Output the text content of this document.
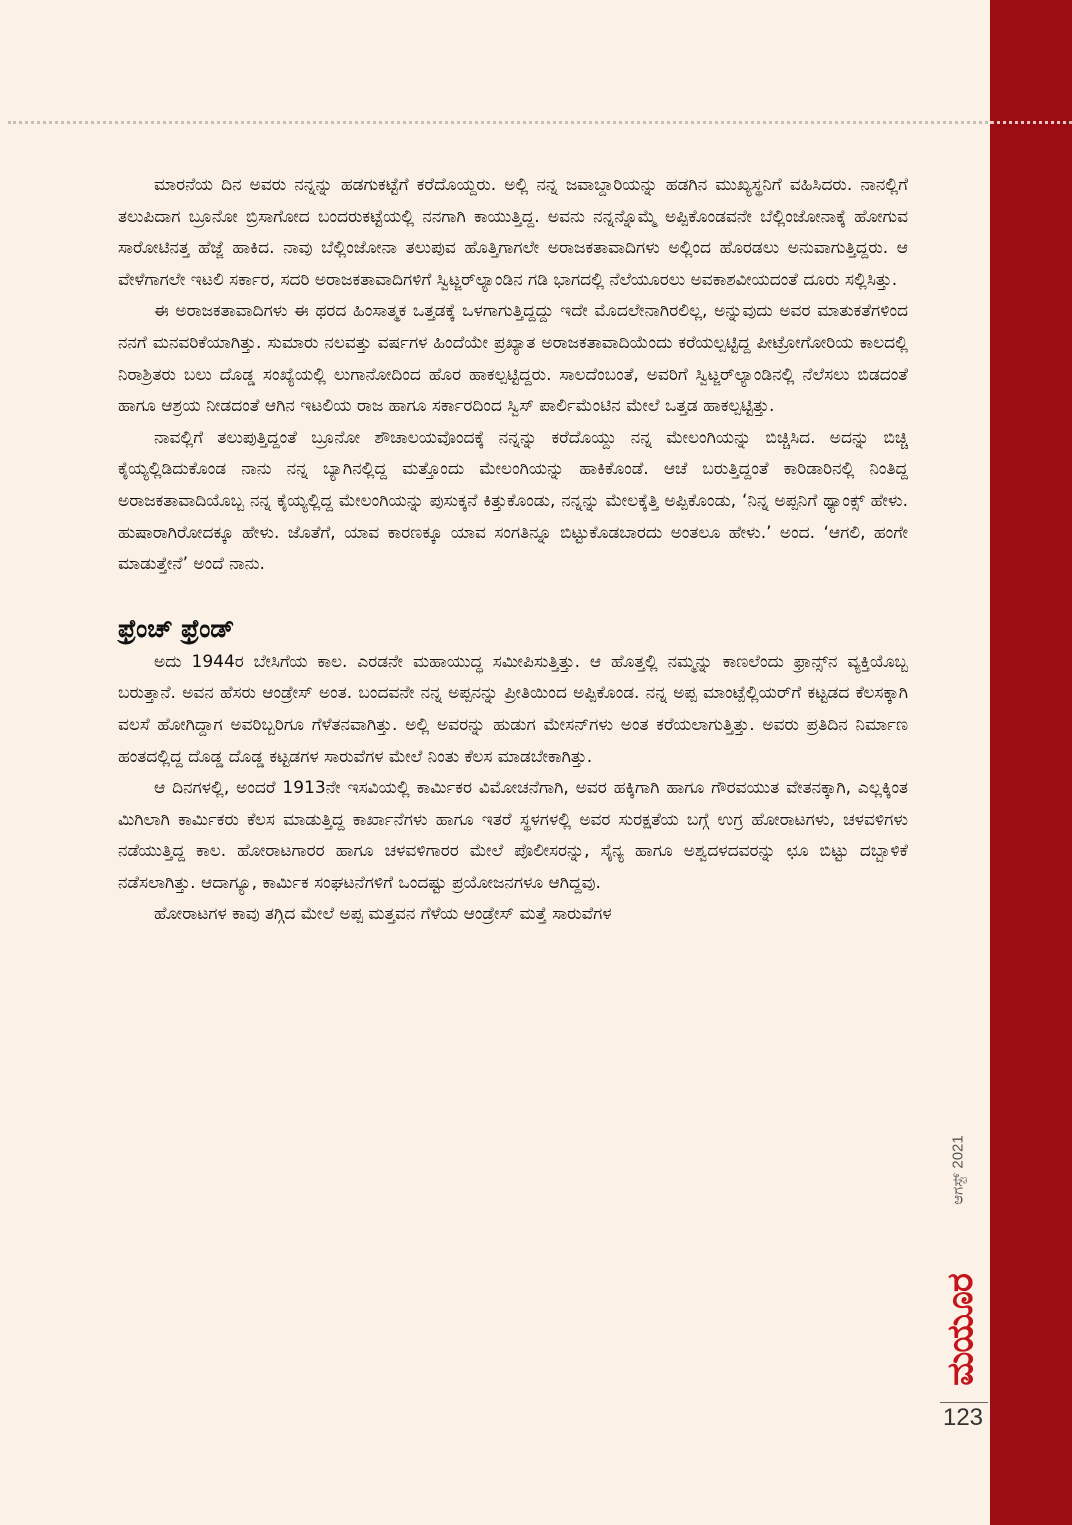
ಮಾರನೆಯ ದಿನ ಅವರು ನನ್ನನ್ನು ಹಡಗುಕಟ್ಟೆಗೆ ಕರೆದೊಯ್ದರು. ಅಲ್ಲಿ ನನ್ನ ಜವಾಬ್ದಾರಿಯನ್ನು ಹಡಗಿನ ಮುಖ್ಯಸ್ಥನಿಗೆ ವಹಿಸಿದರು. ನಾನಲ್ಲಿಗೆ ತಲುಪಿದಾಗ ಬ್ರೂನೋ ಬ್ರಿಸಾಗೋದ ಬಂದರುಕಟ್ಟೆಯಲ್ಲಿ ನನಗಾಗಿ ಕಾಯುತ್ತಿದ್ದ. ಅವನು ನನ್ನನ್ನೊಮ್ಮೆ ಅಪ್ಪಿಕೊಂಡವನೇ ಬೆಲ್ಲಿಂಜೋನಾಕ್ಕೆ ಹೋಗುವ ಸಾರೋಟಿನತ್ತ ಹೆಜ್ಜೆ ಹಾಕಿದ. ನಾವು ಬೆಲ್ಲಿಂಜೋನಾ ತಲುಪುವ ಹೊತ್ತಿಗಾಗಲೇ ಅರಾಜಕತಾವಾದಿಗಳು ಅಲ್ಲಿಂದ ಹೊರಡಲು ಅನುವಾಗುತ್ತಿದ್ದರು. ಆ ವೇಳೆಗಾಗಲೇ ಇಟಲಿ ಸರ್ಕಾರ, ಸದರಿ ಅರಾಜಕತಾವಾದಿಗಳಿಗೆ ಸ್ವಿಟ್ಜರ್‌ಲ್ಯಾಂಡಿನ ಗಡಿ ಭಾಗದಲ್ಲಿ ನೆಲೆಯೂರಲು ಅವಕಾಶವೀಯದಂತೆ ದೂರು ಸಲ್ಲಿಸಿತ್ತು.

ಈ ಅರಾಜಕತಾವಾದಿಗಳು ಈ ಥರದ ಹಿಂಸಾತ್ಮಕ ಒತ್ತಡಕ್ಕೆ ಒಳಗಾಗುತ್ತಿದ್ದದ್ದು ಇದೇ ಮೊದಲೇನಾಗಿರಲಿಲ್ಲ, ಅನ್ನುವುದು ಅವರ ಮಾತುಕತೆಗಳಿಂದ ನನಗೆ ಮನವರಿಕೆಯಾಗಿತ್ತು. ಸುಮಾರು ನಲವತ್ತು ವರ್ಷಗಳ ಹಿಂದೆಯೇ ಪ್ರಖ್ಯಾತ ಅರಾಜಕತಾವಾದಿಯೆಂದು ಕರೆಯಲ್ಪಟ್ಟಿದ್ದ ಪೀಟ್ರೋಗೋರಿಯ ಕಾಲದಲ್ಲಿ ನಿರಾಶ್ರಿತರು ಬಲು ದೊಡ್ಡ ಸಂಖ್ಯೆಯಲ್ಲಿ ಲುಗಾನೋದಿಂದ ಹೊರ ಹಾಕಲ್ಪಟ್ಟಿದ್ದರು. ಸಾಲದೆಂಬಂತೆ, ಅವರಿಗೆ ಸ್ವಿಟ್ಜರ್‌ಲ್ಯಾಂಡಿನಲ್ಲಿ ನೆಲೆಸಲು ಬಿಡದಂತೆ ಹಾಗೂ ಆಶ್ರಯ ನೀಡದಂತೆ ಆಗಿನ ಇಟಲಿಯ ರಾಜ ಹಾಗೂ ಸರ್ಕಾರದಿಂದ ಸ್ವಿಸ್ ಪಾರ್ಲಿಮೆಂಟಿನ ಮೇಲೆ ಒತ್ತಡ ಹಾಕಲ್ಪಟ್ಟಿತ್ತು.

ನಾವಲ್ಲಿಗೆ ತಲುಪುತ್ತಿದ್ದಂತೆ ಬ್ರೂನೋ ಶೌಚಾಲಯವೊಂದಕ್ಕೆ ನನ್ನನ್ನು ಕರೆದೊಯ್ದು ನನ್ನ ಮೇಲಂಗಿಯನ್ನು ಬಿಚ್ಚಿಸಿದ. ಅದನ್ನು ಬಿಚ್ಚಿ ಕೈಯ್ಯಲ್ಲಿಡಿದುಕೊಂಡ ನಾನು ನನ್ನ ಬ್ಯಾಗಿನಲ್ಲಿದ್ದ ಮತ್ತೊಂದು ಮೇಲಂಗಿಯನ್ನು ಹಾಕಿಕೊಂಡೆ. ಆಚೆ ಬರುತ್ತಿದ್ದಂತೆ ಕಾರಿಡಾರಿನಲ್ಲಿ ನಿಂತಿದ್ದ ಅರಾಜಕತಾವಾದಿಯೊಬ್ಬ ನನ್ನ ಕೈಯ್ಯಲ್ಲಿದ್ದ ಮೇಲಂಗಿಯನ್ನು ಪುಸುಕ್ಕನೆ ಕಿತ್ತುಕೊಂಡು, ನನ್ನನ್ನು ಮೇಲಕ್ಕೆತ್ತಿ ಅಪ್ಪಿಕೊಂಡು, ‘ನಿನ್ನ ಅಪ್ಪನಿಗೆ ಥ್ಯಾಂಕ್ಸ್ ಹೇಳು. ಹುಷಾರಾಗಿರೋದಕ್ಕೂ ಹೇಳು. ಜೊತೆಗೆ, ಯಾವ ಕಾರಣಕ್ಕೂ ಯಾವ ಸಂಗತಿನ್ನೂ ಬಿಟ್ಟುಕೊಡಬಾರದು ಅಂತಲೂ ಹೇಳು.’ ಅಂದ. ‘ಆಗಲಿ, ಹಂಗೇ ಮಾಡುತ್ತೇನೆ’ ಅಂದೆ ನಾನು.

ಫ್ರೆಂಚ್ ಫ್ರೆಂಡ್

ಅದು 1944ರ ಬೇಸಿಗೆಯ ಕಾಲ. ಎರಡನೇ ಮಹಾಯುದ್ಧ ಸಮೀಪಿಸುತ್ತಿತ್ತು. ಆ ಹೊತ್ತಲ್ಲಿ ನಮ್ಮನ್ನು ಕಾಣಲೆಂದು ಫ್ರಾನ್ಸ್‌ನ ವ್ಯಕ್ತಿಯೊಬ್ಬ ಬರುತ್ತಾನೆ. ಅವನ ಹೆಸರು ಆಂಡ್ರೇಸ್ ಅಂತ. ಬಂದವನೇ ನನ್ನ ಅಪ್ಪನನ್ನು ಪ್ರೀತಿಯಿಂದ ಅಪ್ಪಿಕೊಂಡ. ನನ್ನ ಅಪ್ಪ ಮಾಂಟ್ಪೆಲ್ಲಿಯರ್‌ಗೆ ಕಟ್ಟಡದ ಕೆಲಸಕ್ಕಾಗಿ ವಲಸೆ ಹೋಗಿದ್ದಾಗ ಅವರಿಬ್ಬರಿಗೂ ಗೆಳೆತನವಾಗಿತ್ತು. ಅಲ್ಲಿ ಅವರನ್ನು ಹುಡುಗ ಮೇಸನ್‌ಗಳು ಅಂತ ಕರೆಯಲಾಗುತ್ತಿತ್ತು. ಅವರು ಪ್ರತಿದಿನ ನಿರ್ಮಾಣ ಹಂತದಲ್ಲಿದ್ದ ದೊಡ್ಡ ದೊಡ್ಡ ಕಟ್ಟಡಗಳ ಸಾರುವೆಗಳ ಮೇಲೆ ನಿಂತು ಕೆಲಸ ಮಾಡಬೇಕಾಗಿತ್ತು.

ಆ ದಿನಗಳಲ್ಲಿ, ಅಂದರೆ 1913ನೇ ಇಸವಿಯಲ್ಲಿ ಕಾರ್ಮಿಕರ ವಿಮೋಚನೆಗಾಗಿ, ಅವರ ಹಕ್ಕಿಗಾಗಿ ಹಾಗೂ ಗೌರವಯುತ ವೇತನಕ್ಕಾಗಿ, ಎಲ್ಲಕ್ಕಿಂತ ಮಿಗಿಲಾಗಿ ಕಾರ್ಮಿಕರು ಕೆಲಸ ಮಾಡುತ್ತಿದ್ದ ಕಾರ್ಖಾನೆಗಳು ಹಾಗೂ ಇತರೆ ಸ್ಥಳಗಳಲ್ಲಿ ಅವರ ಸುರಕ್ಷತೆಯ ಬಗ್ಗೆ ಉಗ್ರ ಹೋರಾಟಗಳು, ಚಳವಳಿಗಳು ನಡೆಯುತ್ತಿದ್ದ ಕಾಲ. ಹೋರಾಟಗಾರರ ಹಾಗೂ ಚಳವಳಿಗಾರರ ಮೇಲೆ ಪೊಲೀಸರನ್ನು, ಸೈನ್ಯ ಹಾಗೂ ಅಶ್ವದಳದವರನ್ನು ಛೂ ಬಿಟ್ಟು ದಬ್ಬಾಳಿಕೆ ನಡೆಸಲಾಗಿತ್ತು. ಆದಾಗ್ಯೂ, ಕಾರ್ಮಿಕ ಸಂಘಟನೆಗಳಿಗೆ ಒಂದಷ್ಟು ಪ್ರಯೋಜನಗಳೂ ಆಗಿದ್ದವು.

ಹೋರಾಟಗಳ ಕಾವು ತಗ್ಗಿದ ಮೇಲೆ ಅಪ್ಪ ಮತ್ತವನ ಗೆಳೆಯ ಆಂಡ್ರೇಸ್ ಮತ್ತೆ ಸಾರುವೆಗಳ

ಆಗಸ್ಟ್ 2021
ಮಯೂರ
123
